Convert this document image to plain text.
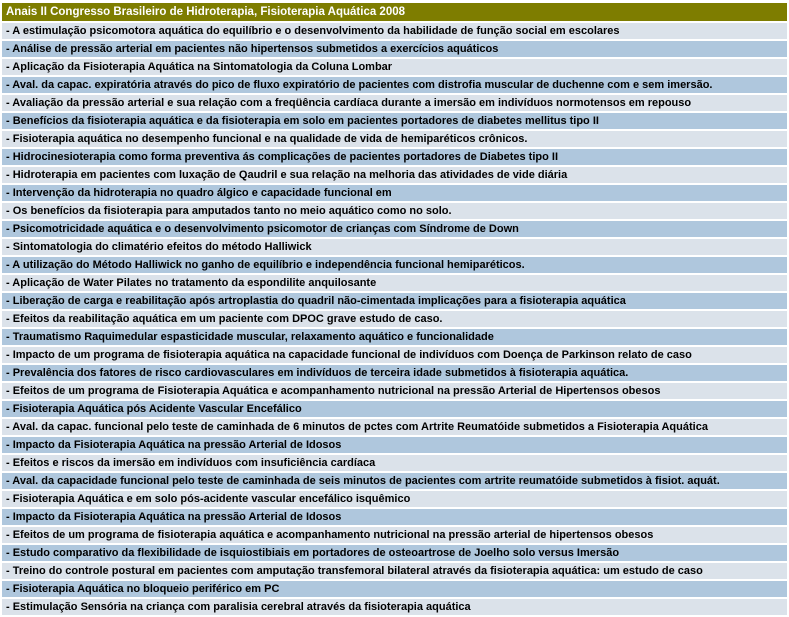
Anais II Congresso Brasileiro de Hidroterapia, Fisioterapia Aquática 2008
- A estimulação psicomotora aquática do equilíbrio e o desenvolvimento da habilidade de função social em escolares
- Análise de pressão arterial em pacientes não hipertensos submetidos a exercícios aquáticos
- Aplicação da Fisioterapia Aquática na Sintomatologia da Coluna Lombar
- Aval. da capac. expiratória através do pico de fluxo expiratório de pacientes com distrofia muscular de duchenne com e sem imersão.
- Avaliação da pressão arterial e sua relação com a freqüência cardíaca durante a imersão em indivíduos normotensos em repouso
- Benefícios da fisioterapia aquática e da fisioterapia em solo em pacientes portadores de diabetes mellitus tipo II
- Fisioterapia aquática no desempenho funcional e na qualidade de vida de hemiparéticos crônicos.
- Hidrocinesioterapia como forma preventiva ás complicações de pacientes portadores de Diabetes tipo II
- Hidroterapia em pacientes com luxação de Qaudril e sua relação na melhoria das atividades de vide diária
- Intervenção da hidroterapia no quadro álgico e capacidade funcional em
- Os benefícios da fisioterapia para amputados tanto no meio aquático como no solo.
- Psicomotricidade aquática e o desenvolvimento psicomotor de crianças com Síndrome de Down
- Sintomatologia do climatério efeitos do método Halliwick
- A utilização do Método Halliwick no ganho de equilíbrio e independência funcional hemiparéticos.
- Aplicação de Water Pilates no tratamento da espondilite anquilosante
- Liberação de carga e reabilitação após artroplastia do quadril não-cimentada implicações para a fisioterapia aquática
- Efeitos da reabilitação aquática em um paciente com DPOC grave estudo de caso.
- Traumatismo Raquimedular espasticidade muscular, relaxamento aquático e funcionalidade
- Impacto de um programa de fisioterapia aquática na capacidade funcional de indivíduos com Doença de Parkinson relato de caso
- Prevalência dos fatores de risco cardiovasculares em indivíduos de terceira idade submetidos à fisioterapia aquática.
- Efeitos de um programa de Fisioterapia Aquática e acompanhamento nutricional na pressão Arterial de Hipertensos obesos
- Fisioterapia Aquática pós Acidente Vascular Encefálico
- Aval. da capac. funcional pelo teste de caminhada de 6 minutos de pctes com Artrite Reumatóide submetidos a Fisioterapia Aquática
- Impacto da Fisioterapia Aquática na pressão Arterial de Idosos
- Efeitos e riscos da imersão em indivíduos com insuficiência cardíaca
- Aval. da capacidade funcional pelo teste de caminhada de seis minutos de pacientes com artrite reumatóide submetidos à fisiot. aquát.
- Fisioterapia Aquática e em solo pós-acidente vascular encefálico isquêmico
- Impacto da Fisioterapia Aquática na pressão Arterial de Idosos
- Efeitos de um programa de fisioterapia aquática e acompanhamento nutricional na pressão arterial de hipertensos obesos
- Estudo comparativo da flexibilidade de isquiostibiais em portadores de osteoartrose de Joelho solo versus Imersão
- Treino do controle postural em pacientes com amputação transfemoral bilateral através da fisioterapia aquática: um estudo de caso
- Fisioterapia Aquática no bloqueio periférico em PC
- Estimulação Sensória na criança com paralisia cerebral através da fisioterapia aquática
